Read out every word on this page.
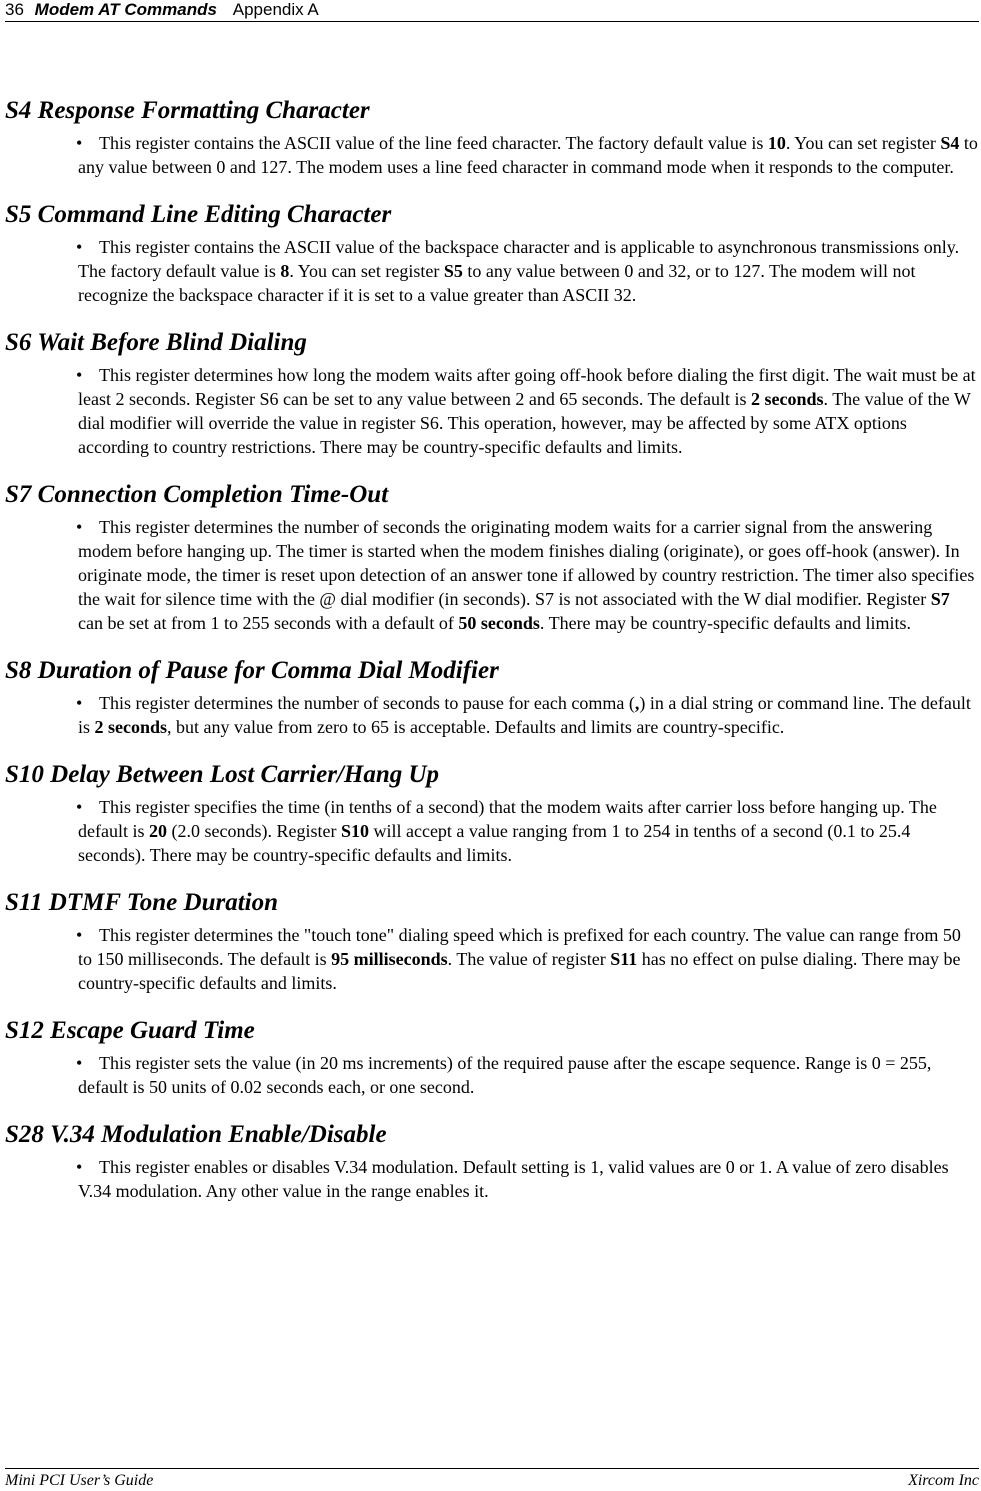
36 Modem AT Commands Appendix A
S4 Response Formatting Character

• This register contains the ASCII value of the line feed character. The factory default value is 10. You can set register S4 to any value between 0 and 127. The modem uses a line feed character in command mode when it responds to the computer.

S5 Command Line Editing Character

• This register contains the ASCII value of the backspace character and is applicable to asynchronous transmissions only. The factory default value is 8. You can set register S5 to any value between 0 and 32, or to 127. The modem will not recognize the backspace character if it is set to a value greater than ASCII 32.

S6 Wait Before Blind Dialing

• This register determines how long the modem waits after going off-hook before dialing the first digit. The wait must be at least 2 seconds. Register S6 can be set to any value between 2 and 65 seconds. The default is 2 seconds. The value of the W dial modifier will override the value in register S6. This operation, however, may be affected by some ATX options according to country restrictions. There may be country-specific defaults and limits.

S7 Connection Completion Time-Out

• This register determines the number of seconds the originating modem waits for a carrier signal from the answering modem before hanging up. The timer is started when the modem finishes dialing (originate), or goes off-hook (answer). In originate mode, the timer is reset upon detection of an answer tone if allowed by country restriction. The timer also specifies the wait for silence time with the @ dial modifier (in seconds). S7 is not associated with the W dial modifier. Register S7 can be set at from 1 to 255 seconds with a default of 50 seconds. There may be country-specific defaults and limits.

S8 Duration of Pause for Comma Dial Modifier

• This register determines the number of seconds to pause for each comma (,) in a dial string or command line. The default is 2 seconds, but any value from zero to 65 is acceptable. Defaults and limits are country-specific.

S10 Delay Between Lost Carrier/Hang Up

• This register specifies the time (in tenths of a second) that the modem waits after carrier loss before hanging up. The default is 20 (2.0 seconds). Register S10 will accept a value ranging from 1 to 254 in tenths of a second (0.1 to 25.4 seconds). There may be country-specific defaults and limits.

S11 DTMF Tone Duration

• This register determines the "touch tone" dialing speed which is prefixed for each country. The value can range from 50 to 150 milliseconds. The default is 95 milliseconds. The value of register S11 has no effect on pulse dialing. There may be country-specific defaults and limits.

S12 Escape Guard Time

• This register sets the value (in 20 ms increments) of the required pause after the escape sequence. Range is 0 = 255, default is 50 units of 0.02 seconds each, or one second.

S28 V.34 Modulation Enable/Disable

• This register enables or disables V.34 modulation. Default setting is 1, valid values are 0 or 1. A value of zero disables V.34 modulation. Any other value in the range enables it.

Mini PCI User’s Guide	Xircom Inc
